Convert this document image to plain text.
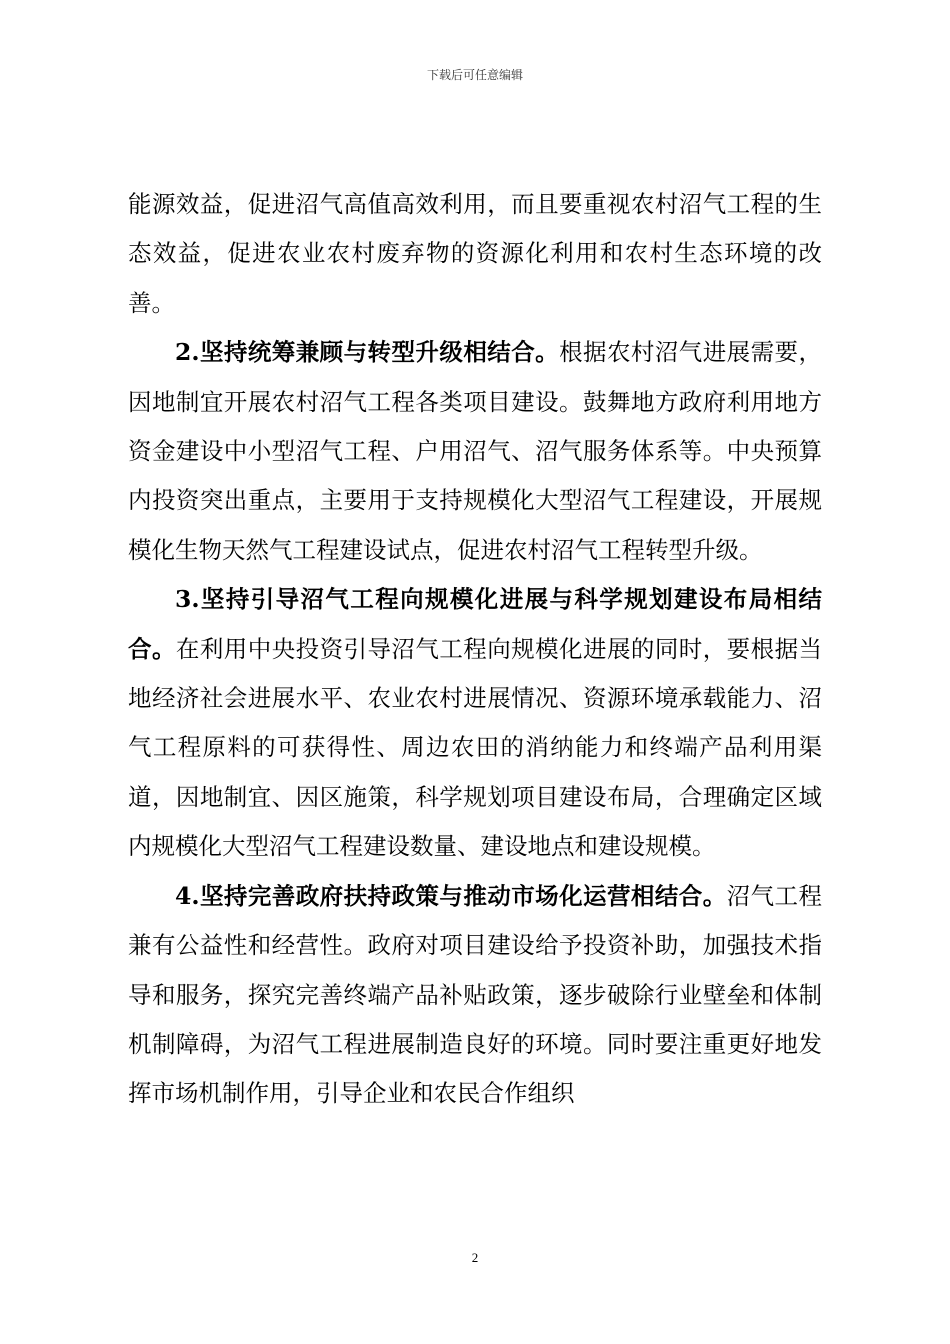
下载后可任意编辑

能源效益，促进沼气高值高效利用，而且要重视农村沼气工程的生态效益，促进农业农村废弃物的资源化利用和农村生态环境的改善。

2.坚持统筹兼顾与转型升级相结合。根据农村沼气进展需要，因地制宜开展农村沼气工程各类项目建设。鼓舞地方政府利用地方资金建设中小型沼气工程、户用沼气、沼气服务体系等。中央预算内投资突出重点，主要用于支持规模化大型沼气工程建设，开展规模化生物天然气工程建设试点，促进农村沼气工程转型升级。

3.坚持引导沼气工程向规模化进展与科学规划建设布局相结合。在利用中央投资引导沼气工程向规模化进展的同时，要根据当地经济社会进展水平、农业农村进展情况、资源环境承载能力、沼气工程原料的可获得性、周边农田的消纳能力和终端产品利用渠道，因地制宜、因区施策，科学规划项目建设布局，合理确定区域内规模化大型沼气工程建设数量、建设地点和建设规模。

4.坚持完善政府扶持政策与推动市场化运营相结合。沼气工程兼有公益性和经营性。政府对项目建设给予投资补助，加强技术指导和服务，探究完善终端产品补贴政策，逐步破除行业壁垒和体制机制障碍，为沼气工程进展制造良好的环境。同时要注重更好地发挥市场机制作用，引导企业和农民合作组织

2
